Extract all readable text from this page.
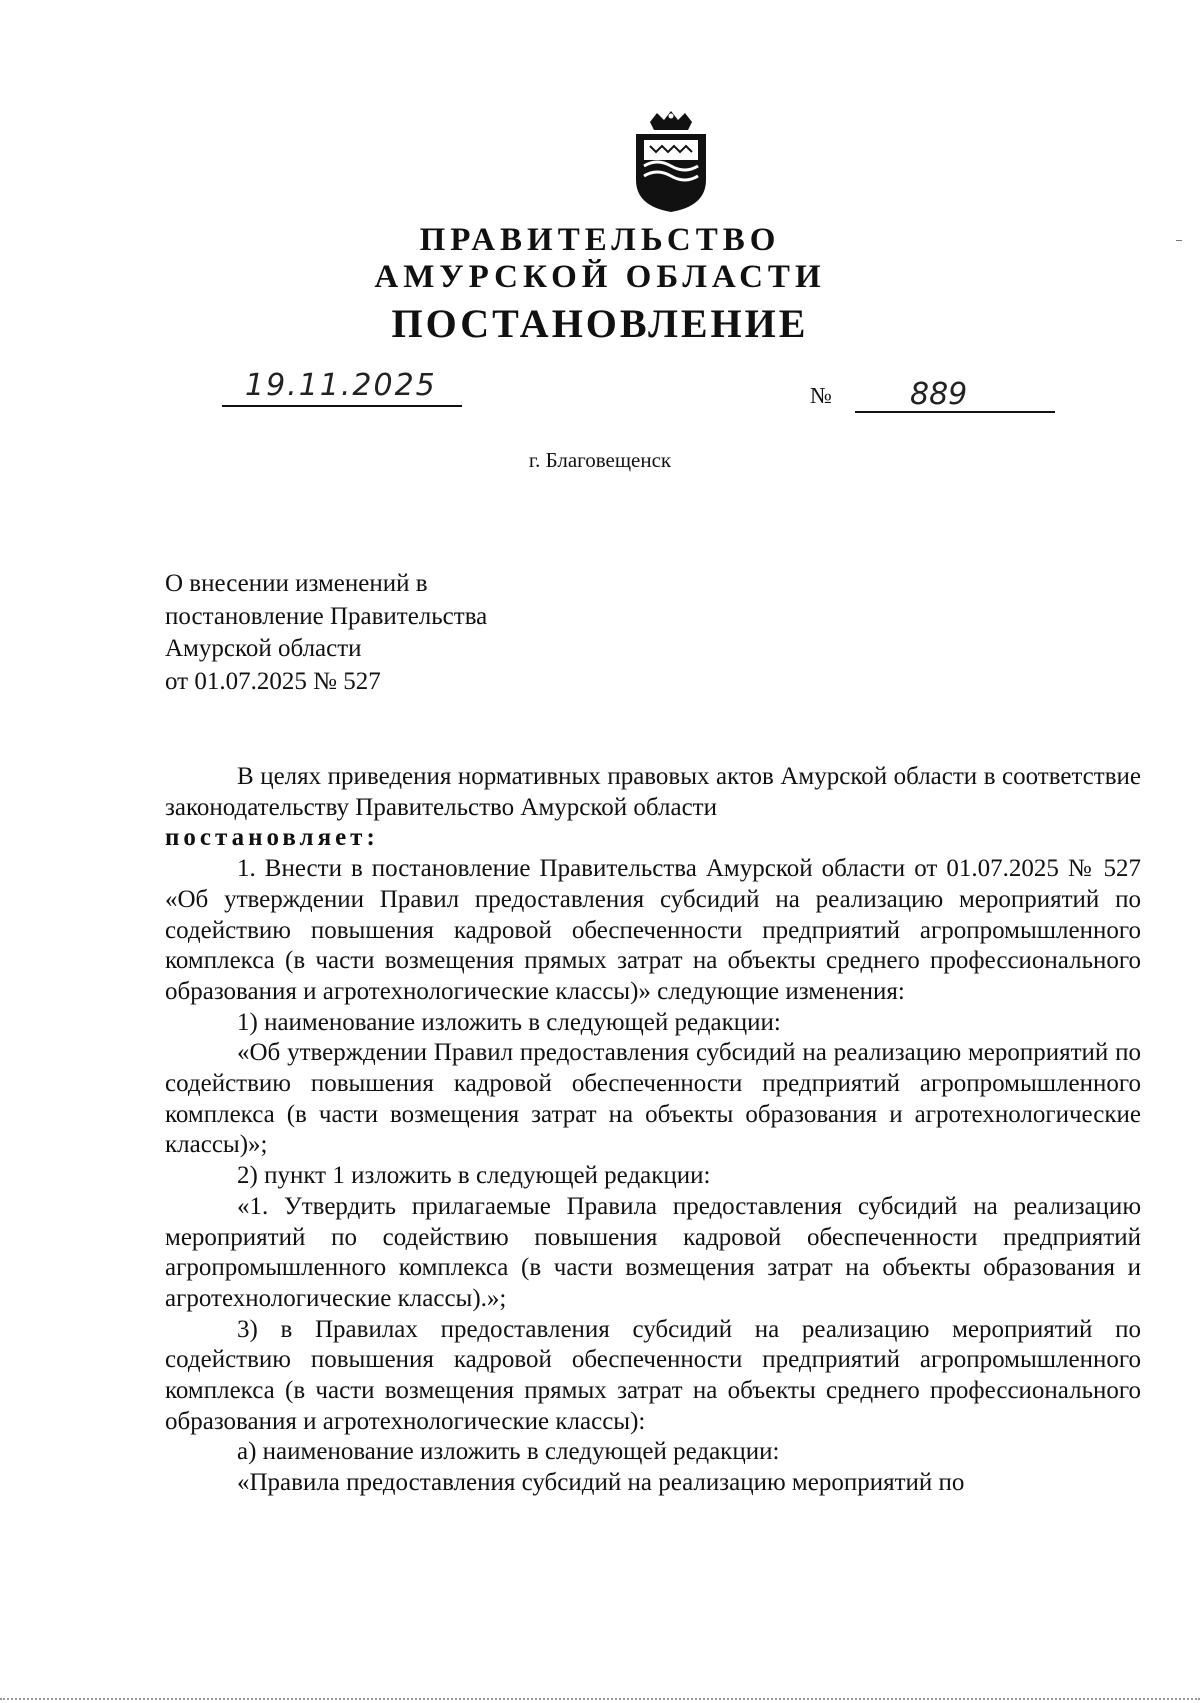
ПРАВИТЕЛЬСТВО
АМУРСКОЙ ОБЛАСТИ
ПОСТАНОВЛЕНИЕ
19.11.2025	№	889
г. Благовещенск
О внесении изменений в
постановление Правительства
Амурской области
от 01.07.2025 № 527

В целях приведения нормативных правовых актов Амурской области в соответствие законодательству Правительство Амурской области

постановляет:

1. Внести в постановление Правительства Амурской области от 01.07.2025 № 527 «Об утверждении Правил предоставления субсидий на реализацию мероприятий по содействию повышения кадровой обеспеченности предприятий агропромышленного комплекса (в части возмещения прямых затрат на объекты среднего профессионального образования и агротехнологические классы)» следующие изменения:

1) наименование изложить в следующей редакции:

«Об утверждении Правил предоставления субсидий на реализацию мероприятий по содействию повышения кадровой обеспеченности предприятий агропромышленного комплекса (в части возмещения затрат на объекты образования и агротехнологические классы)»;

2) пункт 1 изложить в следующей редакции:

«1. Утвердить прилагаемые Правила предоставления субсидий на реализацию мероприятий по содействию повышения кадровой обеспеченности предприятий агропромышленного комплекса (в части возмещения затрат на объекты образования и агротехнологические классы).»;

3) в Правилах предоставления субсидий на реализацию мероприятий по содействию повышения кадровой обеспеченности предприятий агропромышленного комплекса (в части возмещения прямых затрат на объекты среднего профессионального образования и агротехнологические классы):

а) наименование изложить в следующей редакции:

«Правила предоставления субсидий на реализацию мероприятий по
